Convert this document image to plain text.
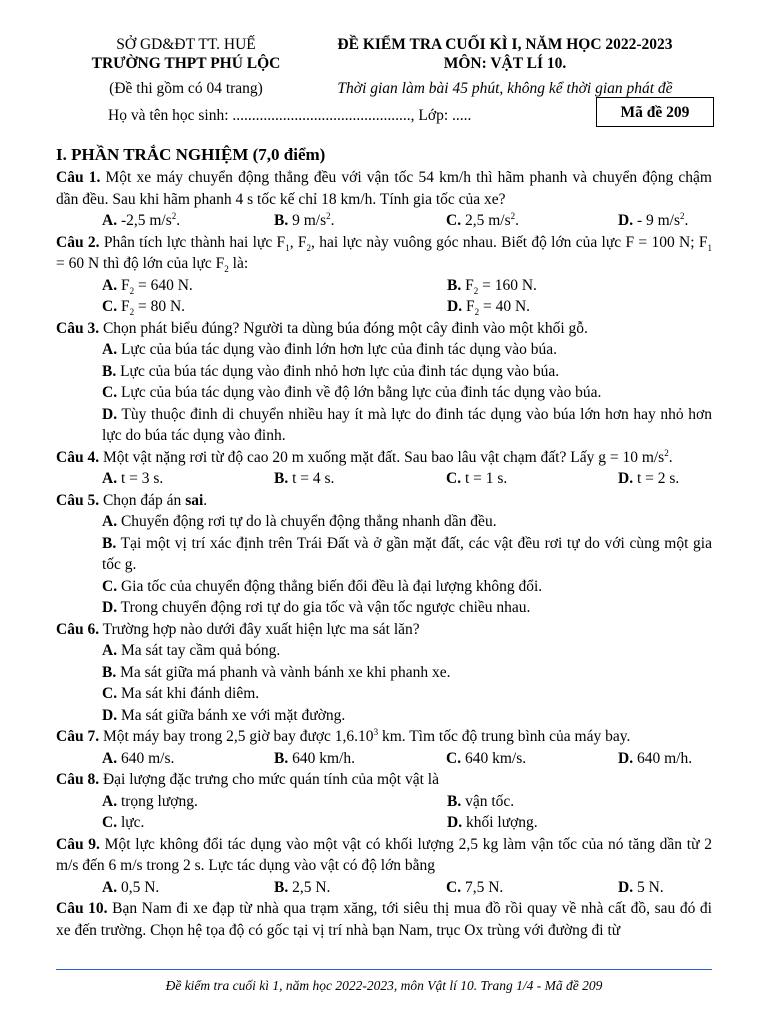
SỞ GD&ĐT TT. HUẾ
TRƯỜNG THPT PHÚ LỘC
(Đề thi gồm có 04 trang)
ĐỀ KIỂM TRA CUỐI KÌ I, NĂM HỌC 2022-2023
MÔN: VẬT LÍ 10.
Thời gian làm bài 45 phút, không kể thời gian phát đề
Họ và tên học sinh: .............................................., Lớp: .....	Mã đề 209
I. PHẦN TRẮC NGHIỆM (7,0 điểm)

Câu 1. Một xe máy chuyển động thẳng đều với vận tốc 54 km/h thì hãm phanh và chuyển động chậm dần đều. Sau khi hãm phanh 4 s tốc kế chỉ 18 km/h. Tính gia tốc của xe?

A. -2,5 $m/s^2$.	B. 9 $m/s^2$.	C. 2,5 $m/s^2$.	D. - 9 $m/s^2$.

Câu 2. Phân tích lực thành hai lực $F_1$, $F_2$, hai lực này vuông góc nhau. Biết độ lớn của lực F = 100 N; $F_1 = 60$ N thì độ lớn của lực $F_2$ là:

A. $F_2 = 640$ N.	B. $F_2 = 160$ N.
C. $F_2 = 80$ N.	D. $F_2 = 40$ N.

Câu 3. Chọn phát biểu đúng? Người ta dùng búa đóng một cây đinh vào một khối gỗ.

A. Lực của búa tác dụng vào đinh lớn hơn lực của đinh tác dụng vào búa.
B. Lực của búa tác dụng vào đinh nhỏ hơn lực của đinh tác dụng vào búa.
C. Lực của búa tác dụng vào đinh về độ lớn bằng lực của đinh tác dụng vào búa.
D. Tùy thuộc đinh di chuyển nhiều hay ít mà lực do đinh tác dụng vào búa lớn hơn hay nhỏ hơn lực do búa tác dụng vào đinh.

Câu 4. Một vật nặng rơi từ độ cao 20 m xuống mặt đất. Sau bao lâu vật chạm đất? Lấy g = 10 $m/s^2$.

A. t = 3 s.	B. t = 4 s.	C. t = 1 s.	D. t = 2 s.

Câu 5. Chọn đáp án sai.

A. Chuyển động rơi tự do là chuyển động thẳng nhanh dần đều.
B. Tại một vị trí xác định trên Trái Đất và ở gần mặt đất, các vật đều rơi tự do với cùng một gia tốc g.
C. Gia tốc của chuyển động thẳng biến đổi đều là đại lượng không đổi.
D. Trong chuyển động rơi tự do gia tốc và vận tốc ngược chiều nhau.

Câu 6. Trường hợp nào dưới đây xuất hiện lực ma sát lăn?

A. Ma sát tay cầm quả bóng.
B. Ma sát giữa má phanh và vành bánh xe khi phanh xe.
C. Ma sát khi đánh diêm.
D. Ma sát giữa bánh xe với mặt đường.

Câu 7. Một máy bay trong 2,5 giờ bay được 1,6.10$^3$ km. Tìm tốc độ trung bình của máy bay.

A. 640 m/s.	B. 640 km/h.	C. 640 km/s.	D. 640 m/h.

Câu 8. Đại lượng đặc trưng cho mức quán tính của một vật là

A. trọng lượng.	B. vận tốc.
C. lực.	D. khối lượng.

Câu 9. Một lực không đổi tác dụng vào một vật có khối lượng 2,5 kg làm vận tốc của nó tăng dần từ 2 m/s đến 6 m/s trong 2 s. Lực tác dụng vào vật có độ lớn bằng

A. 0,5 N.	B. 2,5 N.	C. 7,5 N.	D. 5 N.

Câu 10. Bạn Nam đi xe đạp từ nhà qua trạm xăng, tới siêu thị mua đồ rồi quay về nhà cất đồ, sau đó đi xe đến trường. Chọn hệ tọa độ có gốc tại vị trí nhà bạn Nam, trục Ox trùng với đường đi từ

Đề kiểm tra cuối kì 1, năm học 2022-2023, môn Vật lí 10. Trang 1/4 - Mã đề 209
